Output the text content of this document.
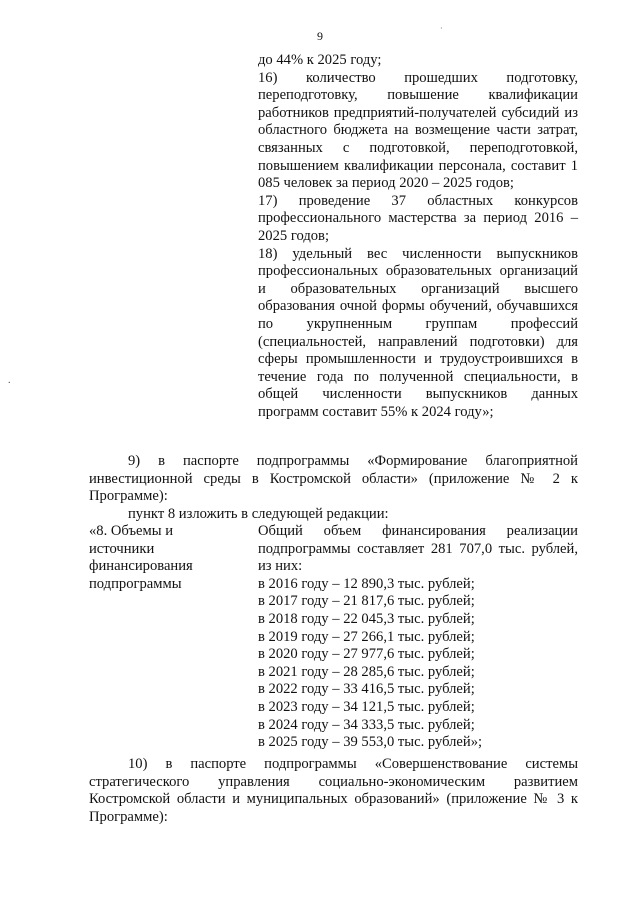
9
·
.

до 44% к 2025 году;

16) количество прошедших подготовку, переподготовку, повышение квалификации работников предприятий-получателей субсидий из областного бюджета на возмещение части затрат, связанных с подготовкой, переподготовкой, повышением квалификации персонала, составит 1 085 человек за период 2020 – 2025 годов;

17) проведение 37 областных конкурсов профессионального мастерства за период 2016 – 2025 годов;

18) удельный вес численности выпускников профессиональных образовательных организаций и образовательных организаций высшего образования очной формы обучений, обучавшихся по укрупненным группам профессий (специальностей, направлений подготовки) для сферы промышленности и трудоустроившихся в течение года по полученной специальности, в общей численности выпускников данных программ составит 55% к 2024 году»;

9) в паспорте подпрограммы «Формирование благоприятной инвестиционной среды в Костромской области» (приложение № 2 к Программе):

пункт 8 изложить в следующей редакции:

«8. Объемы и
источники
финансирования
подпрограммы
Общий объем финансирования реализации подпрограммы составляет 281 707,0 тыс. рублей, из них:
в 2016 году – 12 890,3 тыс. рублей;
в 2017 году – 21 817,6 тыс. рублей;
в 2018 году – 22 045,3 тыс. рублей;
в 2019 году – 27 266,1 тыс. рублей;
в 2020 году – 27 977,6 тыс. рублей;
в 2021 году – 28 285,6 тыс. рублей;
в 2022 году – 33 416,5 тыс. рублей;
в 2023 году – 34 121,5 тыс. рублей;
в 2024 году – 34 333,5 тыс. рублей;
в 2025 году – 39 553,0 тыс. рублей»;

10) в паспорте подпрограммы «Совершенствование системы стратегического управления социально-экономическим развитием Костромской области и муниципальных образований» (приложение № 3 к Программе):
